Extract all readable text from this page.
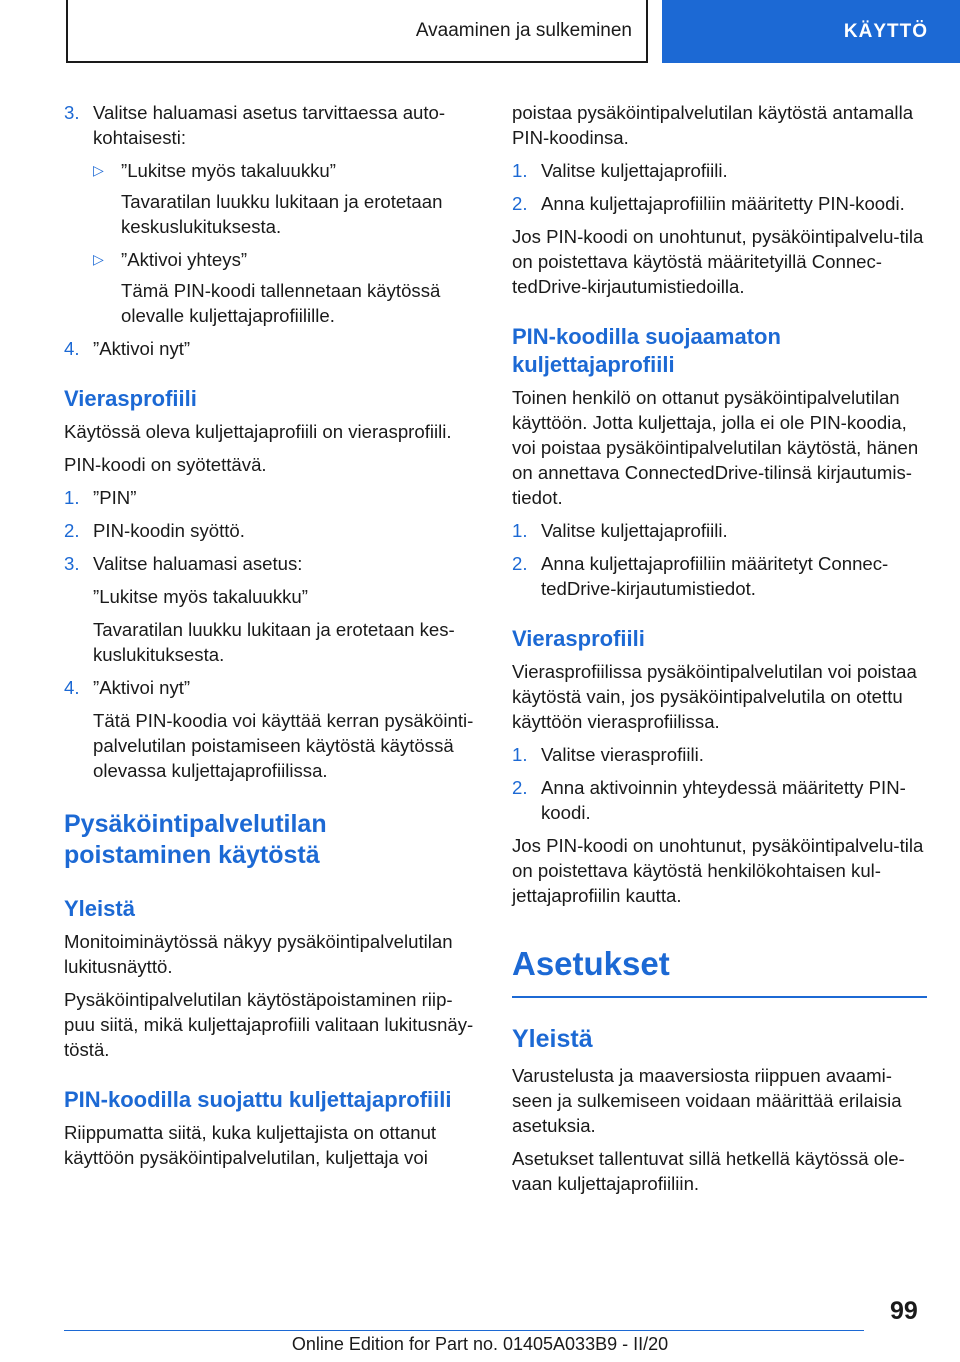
Avaaminen ja sulkeminen	KÄYTTÖ
3. Valitse haluamasi asetus tarvittaessa auto-kohtaisesti:
▷ ”Lukitse myös takaluukku”
Tavaratilan luukku lukitaan ja erotetaan keskuslukituksesta.
▷ ”Aktivoi yhteys”
Tämä PIN-koodi tallennetaan käytössä olevalle kuljettajaprofiilille.
4. ”Aktivoi nyt”
Vierasprofiili

Käytössä oleva kuljettajaprofiili on vierasprofiili.

PIN-koodi on syötettävä.

1. ”PIN”
2. PIN-koodin syöttö.
3. Valitse haluamasi asetus:
”Lukitse myös takaluukku”
Tavaratilan luukku lukitaan ja erotetaan kes-kuslukituksesta.
4. ”Aktivoi nyt”
Tätä PIN-koodia voi käyttää kerran pysäköinti-palvelutilan poistamiseen käytöstä käytössä olevassa kuljettajaprofiilissa.
Pysäköintipalvelutilan poistaminen käytöstä
Yleistä

Monitoiminäytössä näkyy pysäköintipalvelutilan lukitusnäyttö.

Pysäköintipalvelutilan käytöstäpoistaminen riip-puu siitä, mikä kuljettajaprofiili valitaan lukitusnäy-töstä.

PIN-koodilla suojattu kuljettajaprofiili

Riippumatta siitä, kuka kuljettajista on ottanut käyttöön pysäköintipalvelutilan, kuljettaja voi

poistaa pysäköintipalvelutilan käytöstä antamalla PIN-koodinsa.

1. Valitse kuljettajaprofiili.
2. Anna kuljettajaprofiiliin määritetty PIN-koodi.

Jos PIN-koodi on unohtunut, pysäköintipalvelu-tila on poistettava käytöstä määritetyillä Connec-tedDrive-kirjautumistiedoilla.

PIN-koodilla suojaamaton kuljettajaprofiili

Toinen henkilö on ottanut pysäköintipalvelutilan käyttöön. Jotta kuljettaja, jolla ei ole PIN-koodia, voi poistaa pysäköintipalvelutilan käytöstä, hänen on annettava ConnectedDrive-tilinsä kirjautumis-tiedot.

1. Valitse kuljettajaprofiili.
2. Anna kuljettajaprofiiliin määritetyt Connec-tedDrive-kirjautumistiedot.
Vierasprofiili

Vierasprofiilissa pysäköintipalvelutilan voi poistaa käytöstä vain, jos pysäköintipalvelutila on otettu käyttöön vierasprofiilissa.

1. Valitse vierasprofiili.
2. Anna aktivoinnin yhteydessä määritetty PIN-koodi.

Jos PIN-koodi on unohtunut, pysäköintipalvelu-tila on poistettava käytöstä henkilökohtaisen kul-jettajaprofiilin kautta.

Asetukset
Yleistä

Varustelusta ja maaversiosta riippuen avaami-seen ja sulkemiseen voidaan määrittää erilaisia asetuksia.

Asetukset tallentuvat sillä hetkellä käytössä ole-vaan kuljettajaprofiiliin.

99
Online Edition for Part no. 01405A033B9 - II/20
